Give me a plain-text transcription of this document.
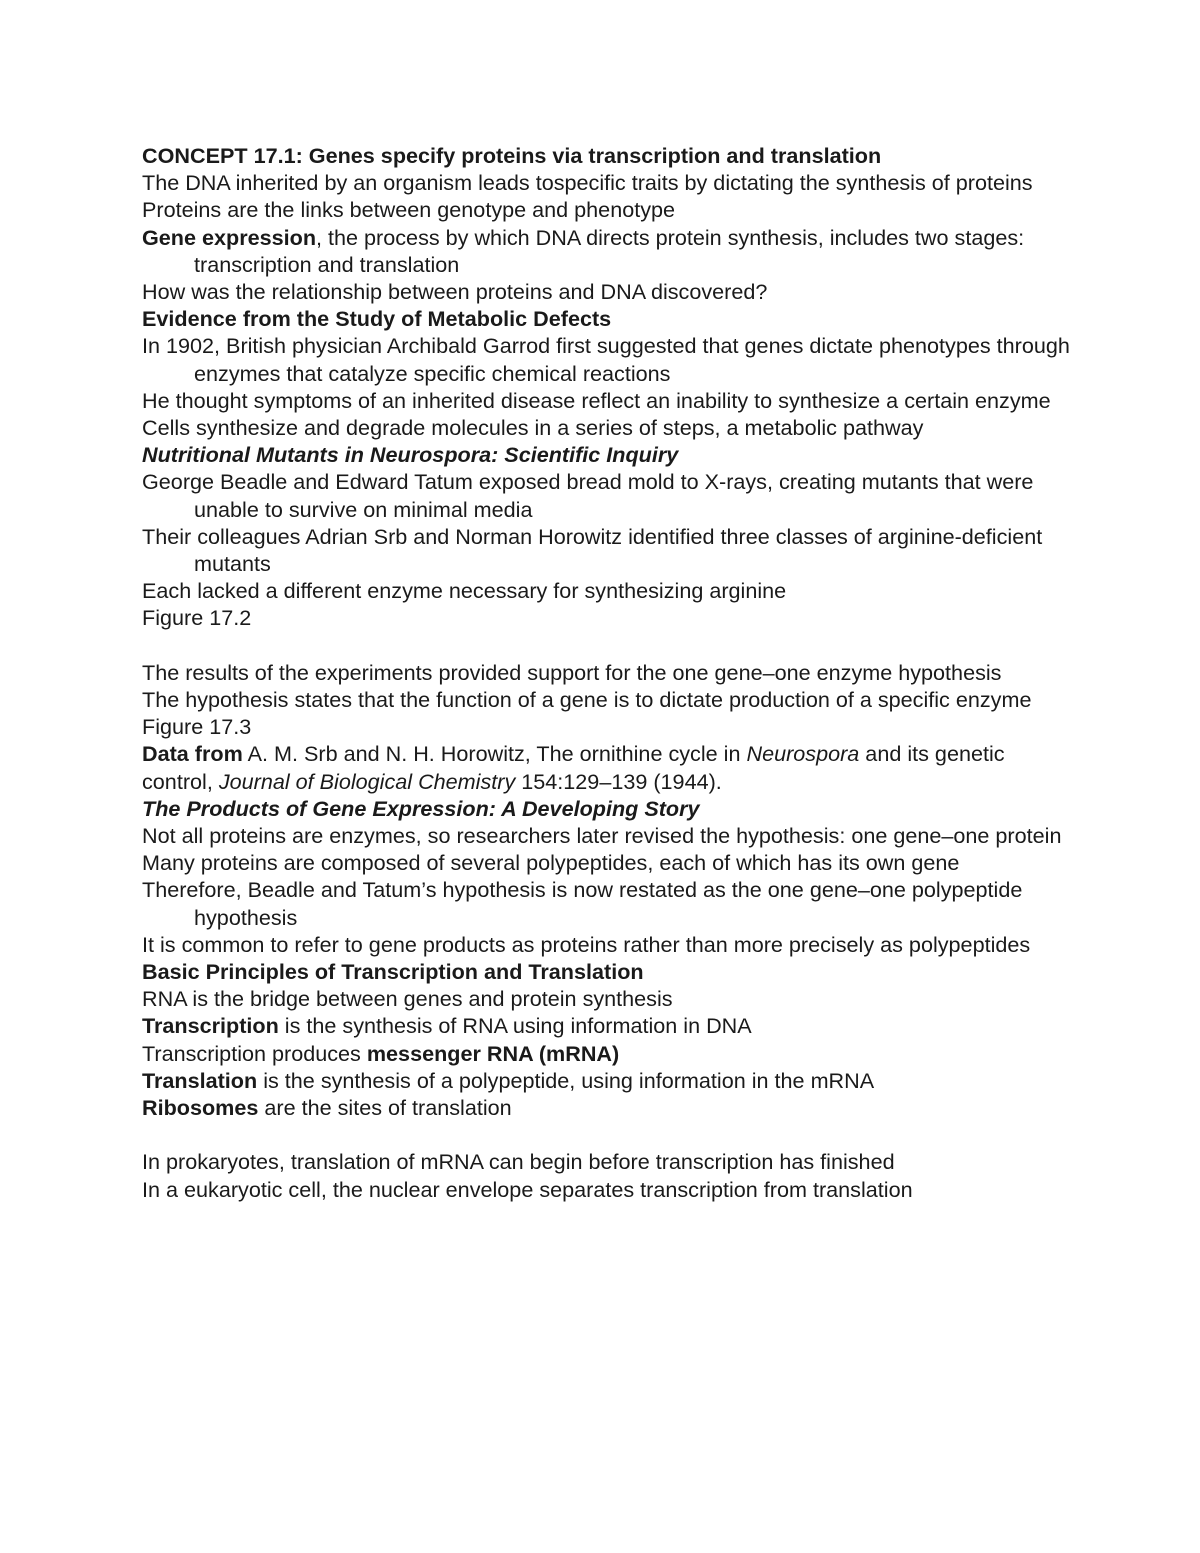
CONCEPT 17.1: Genes specify proteins via transcription and translation

The DNA inherited by an organism leads tospecific traits by dictating the synthesis of proteins

Proteins are the links between genotype and phenotype

Gene expression, the process by which DNA directs protein synthesis, includes two stages: transcription and translation

How was the relationship between proteins and DNA discovered?

Evidence from the Study of Metabolic Defects

In 1902, British physician Archibald Garrod first suggested that genes dictate phenotypes through enzymes that catalyze specific chemical reactions

He thought symptoms of an inherited disease reflect an inability to synthesize a certain enzyme

Cells synthesize and degrade molecules in a series of steps, a metabolic pathway

Nutritional Mutants in Neurospora: Scientific Inquiry

George Beadle and Edward Tatum exposed bread mold to X-rays, creating mutants that were unable to survive on minimal media

Their colleagues Adrian Srb and Norman Horowitz identified three classes of arginine-deficient mutants

Each lacked a different enzyme necessary for synthesizing arginine

Figure 17.2

The results of the experiments provided support for the one gene–one enzyme hypothesis

The hypothesis states that the function of a gene is to dictate production of a specific enzyme

Figure 17.3

Data from A. M. Srb and N. H. Horowitz, The ornithine cycle in Neurospora and its genetic control, Journal of Biological Chemistry 154:129–139 (1944).

The Products of Gene Expression: A Developing Story

Not all proteins are enzymes, so researchers later revised the hypothesis: one gene–one protein

Many proteins are composed of several polypeptides, each of which has its own gene

Therefore, Beadle and Tatum’s hypothesis is now restated as the one gene–one polypeptide hypothesis

It is common to refer to gene products as proteins rather than more precisely as polypeptides

Basic Principles of Transcription and Translation

RNA is the bridge between genes and protein synthesis

Transcription is the synthesis of RNA using information in DNA

Transcription produces messenger RNA (mRNA)

Translation is the synthesis of a polypeptide, using information in the mRNA

Ribosomes are the sites of translation

In prokaryotes, translation of mRNA can begin before transcription has finished

In a eukaryotic cell, the nuclear envelope separates transcription from translation
